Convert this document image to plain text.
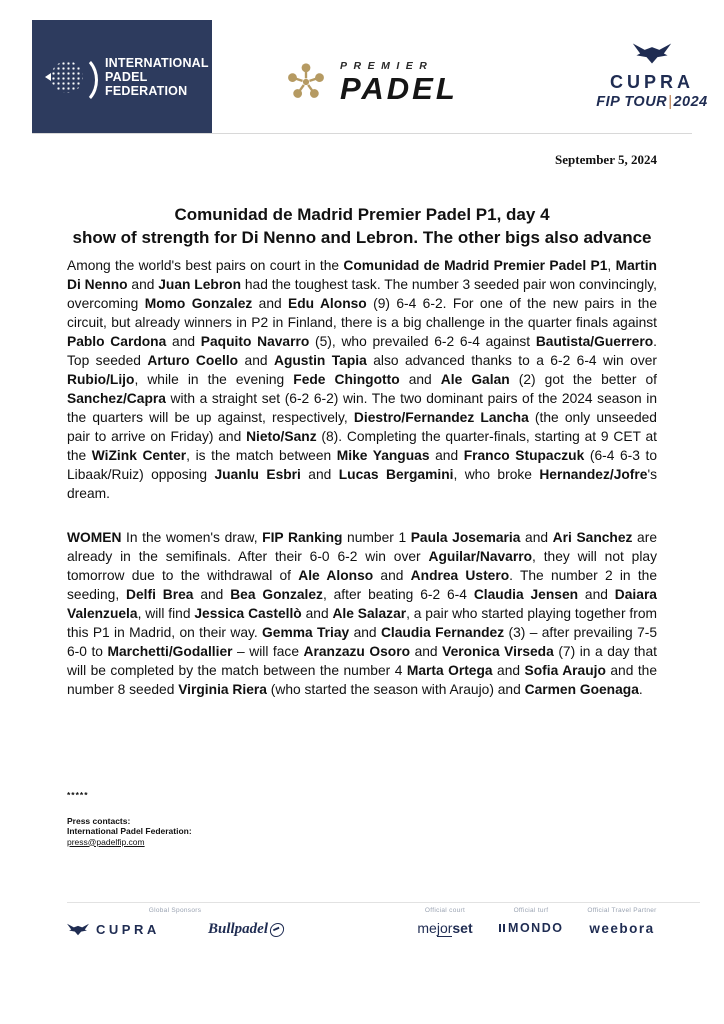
INTERNATIONAL
PADEL
FEDERATION
PREMIER
PADEL	CUPRA
FIP TOUR|2024
September 5, 2024
Comunidad de Madrid Premier Padel P1, day 4
show of strength for Di Nenno and Lebron. The other bigs also advance

Among the world's best pairs on court in the Comunidad de Madrid Premier Padel P1, Martin Di Nenno and Juan Lebron had the toughest task. The number 3 seeded pair won convincingly, overcoming Momo Gonzalez and Edu Alonso (9) 6-4 6-2. For one of the new pairs in the circuit, but already winners in P2 in Finland, there is a big challenge in the quarter finals against Pablo Cardona and Paquito Navarro (5), who prevailed 6-2 6-4 against Bautista/Guerrero. Top seeded Arturo Coello and Agustin Tapia also advanced thanks to a 6-2 6-4 win over Rubio/Lijo, while in the evening Fede Chingotto and Ale Galan (2) got the better of Sanchez/Capra with a straight set (6-2 6-2) win. The two dominant pairs of the 2024 season in the quarters will be up against, respectively, Diestro/Fernandez Lancha (the only unseeded pair to arrive on Friday) and Nieto/Sanz (8). Completing the quarter-finals, starting at 9 CET at the WiZink Center, is the match between Mike Yanguas and Franco Stupaczuk (6-4 6-3 to Libaak/Ruiz) opposing Juanlu Esbri and Lucas Bergamini, who broke Hernandez/Jofre's dream.

WOMEN In the women's draw, FIP Ranking number 1 Paula Josemaria and Ari Sanchez are already in the semifinals. After their 6-0 6-2 win over Aguilar/Navarro, they will not play tomorrow due to the withdrawal of Ale Alonso and Andrea Ustero. The number 2 in the seeding, Delfi Brea and Bea Gonzalez, after beating 6-2 6-4 Claudia Jensen and Daiara Valenzuela, will find Jessica Castellò and Ale Salazar, a pair who started playing together from this P1 in Madrid, on their way. Gemma Triay and Claudia Fernandez (3) – after prevailing 7-5 6-0 to Marchetti/Godallier – will face Aranzazu Osoro and Veronica Virseda (7) in a day that will be completed by the match between the number 4 Marta Ortega and Sofia Araujo and the number 8 seeded Virginia Riera (who started the season with Araujo) and Carmen Goenaga.

*****
Press contacts:
International Padel Federation:
press@padelfip.com
Global Sponsors
CUPRA	Bullpadel
Official court
mejorset
Official turf
MONDO
Official Travel Partner
weebora
